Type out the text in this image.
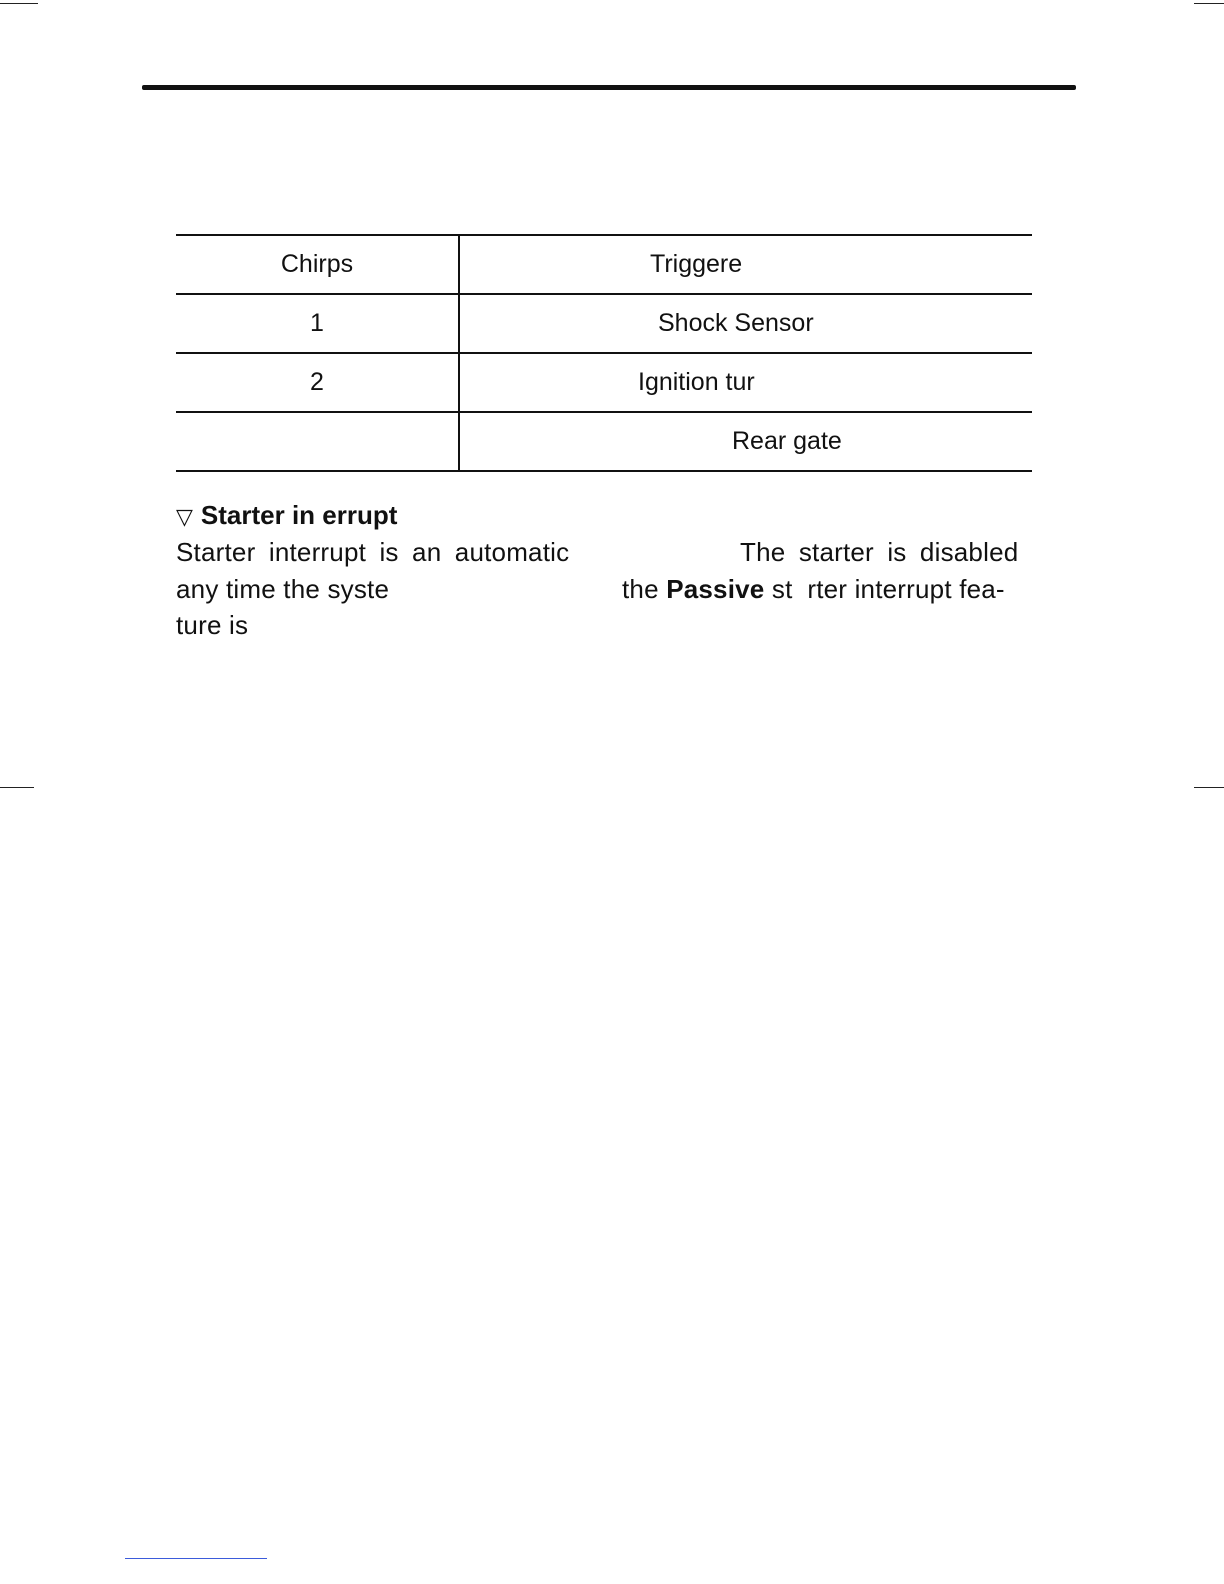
Chirps	Triggere

1	Shock Sensor

2	Ignition tur

	Rear gate
▽ Starter in errupt
Starter interrupt is an automatic	The starter is disabled
any time the syste	the Passive st  rter interrupt fea-
ture is
